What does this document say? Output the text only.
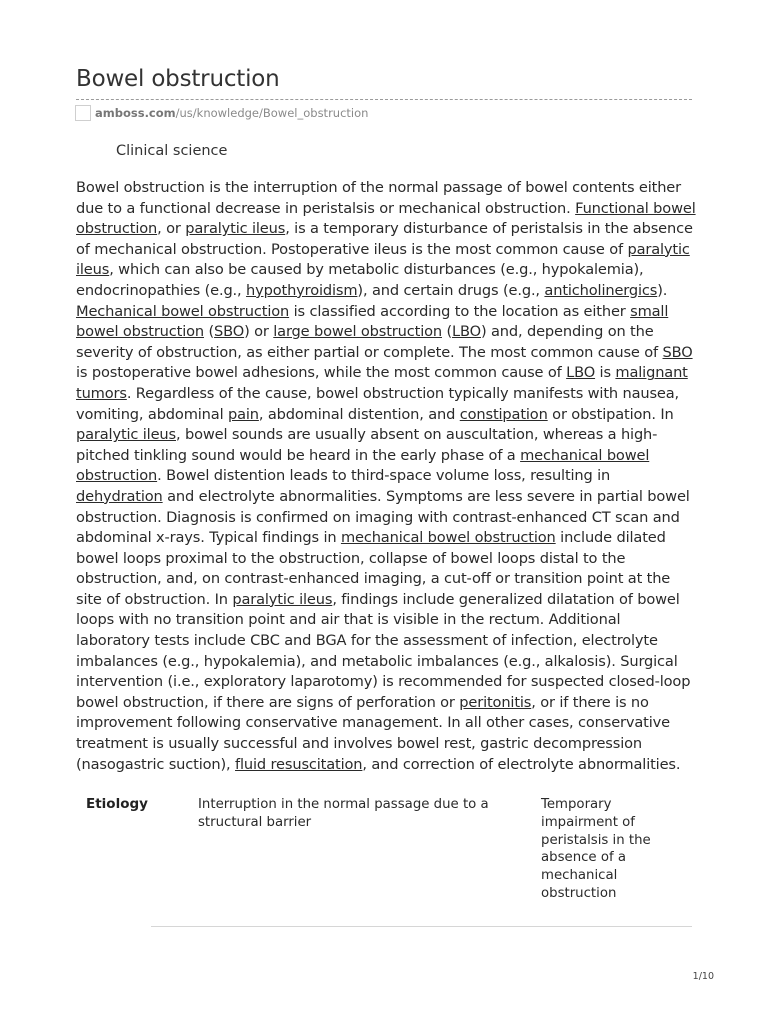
Bowel obstruction
amboss.com /us/knowledge/Bowel_obstruction
Clinical science

Bowel obstruction is the interruption of the normal passage of bowel contents either due to a functional decrease in peristalsis or mechanical obstruction. Functional bowel obstruction, or paralytic ileus, is a temporary disturbance of peristalsis in the absence of mechanical obstruction. Postoperative ileus is the most common cause of paralytic ileus, which can also be caused by metabolic disturbances (e.g., hypokalemia), endocrinopathies (e.g., hypothyroidism), and certain drugs (e.g., anticholinergics). Mechanical bowel obstruction is classified according to the location as either small bowel obstruction (SBO) or large bowel obstruction (LBO) and, depending on the severity of obstruction, as either partial or complete. The most common cause of SBO is postoperative bowel adhesions, while the most common cause of LBO is malignant tumors. Regardless of the cause, bowel obstruction typically manifests with nausea, vomiting, abdominal pain, abdominal distention, and constipation or obstipation. In paralytic ileus, bowel sounds are usually absent on auscultation, whereas a high-pitched tinkling sound would be heard in the early phase of a mechanical bowel obstruction. Bowel distention leads to third-space volume loss, resulting in dehydration and electrolyte abnormalities. Symptoms are less severe in partial bowel obstruction. Diagnosis is confirmed on imaging with contrast-enhanced CT scan and abdominal x-rays. Typical findings in mechanical bowel obstruction include dilated bowel loops proximal to the obstruction, collapse of bowel loops distal to the obstruction, and, on contrast-enhanced imaging, a cut-off or transition point at the site of obstruction. In paralytic ileus, findings include generalized dilatation of bowel loops with no transition point and air that is visible in the rectum. Additional laboratory tests include CBC and BGA for the assessment of infection, electrolyte imbalances (e.g., hypokalemia), and metabolic imbalances (e.g., alkalosis). Surgical intervention (i.e., exploratory laparotomy) is recommended for suspected closed-loop bowel obstruction, if there are signs of perforation or peritonitis, or if there is no improvement following conservative management. In all other cases, conservative treatment is usually successful and involves bowel rest, gastric decompression (nasogastric suction), fluid resuscitation, and correction of electrolyte abnormalities.

Etiology	Interruption in the normal passage due to a structural barrier
Temporary impairment of peristalsis in the absence of a mechanical obstruction
1/10
